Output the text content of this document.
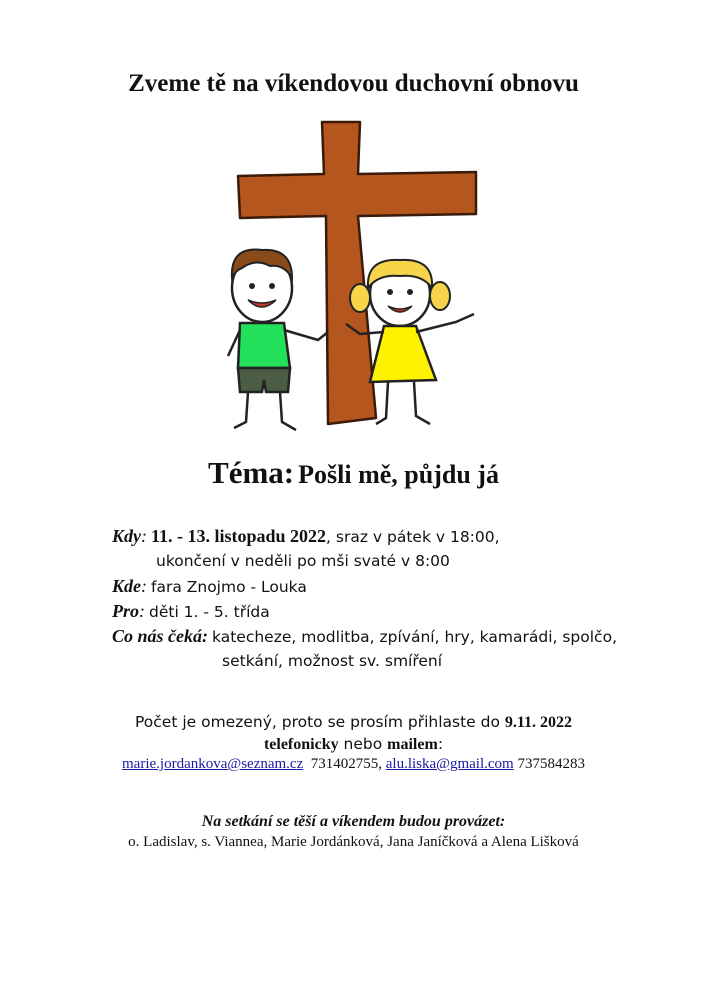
Zveme tě na víkendovou duchovní obnovu
Téma: Pošli mě, půjdu já
Kdy: 11. - 13. listopadu 2022, sraz v pátek v 18:00,
ukončení v neděli po mši svaté v 8:00
Kde: fara Znojmo - Louka
Pro: děti 1. - 5. třída
Co nás čeká: katecheze, modlitba, zpívání, hry, kamarádi, spolčo,
setkání, možnost sv. smíření
Počet je omezený, proto se prosím přihlaste do 9.11. 2022
telefonicky nebo mailem:
marie.jordankova@seznam.cz 731402755, alu.liska@gmail.com 737584283
Na setkání se těší a víkendem budou provázet:
o. Ladislav, s. Viannea, Marie Jordánková, Jana Janíčková a Alena Lišková
